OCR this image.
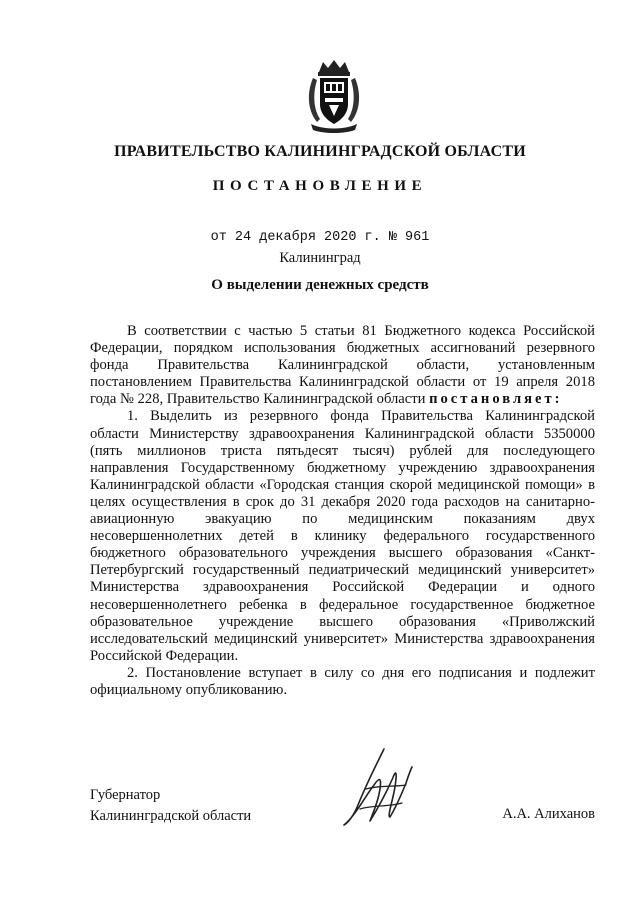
ПРАВИТЕЛЬСТВО КАЛИНИНГРАДСКОЙ ОБЛАСТИ
ПОСТАНОВЛЕНИЕ
от 24 декабря 2020 г. № 961
Калининград
О выделении денежных средств

В соответствии с частью 5 статьи 81 Бюджетного кодекса Российской Федерации, порядком использования бюджетных ассигнований резервного фонда Правительства Калининградской области, установленным постановлением Правительства Калининградской области от 19 апреля 2018 года № 228, Правительство Калининградской области постановляет:

1. Выделить из резервного фонда Правительства Калининградской области Министерству здравоохранения Калининградской области 5350000 (пять миллионов триста пятьдесят тысяч) рублей для последующего направления Государственному бюджетному учреждению здравоохранения Калининградской области «Городская станция скорой медицинской помощи» в целях осуществления в срок до 31 декабря 2020 года расходов на санитарно-авиационную эвакуацию по медицинским показаниям двух несовершеннолетних детей в клинику федерального государственного бюджетного образовательного учреждения высшего образования «Санкт-Петербургский государственный педиатрический медицинский университет» Министерства здравоохранения Российской Федерации и одного несовершеннолетнего ребенка в федеральное государственное бюджетное образовательное учреждение высшего образования «Приволжский исследовательский медицинский университет» Министерства здравоохранения Российской Федерации.

2. Постановление вступает в силу со дня его подписания и подлежит официальному опубликованию.

Губернатор
Калининградской области	А.А. Алиханов
